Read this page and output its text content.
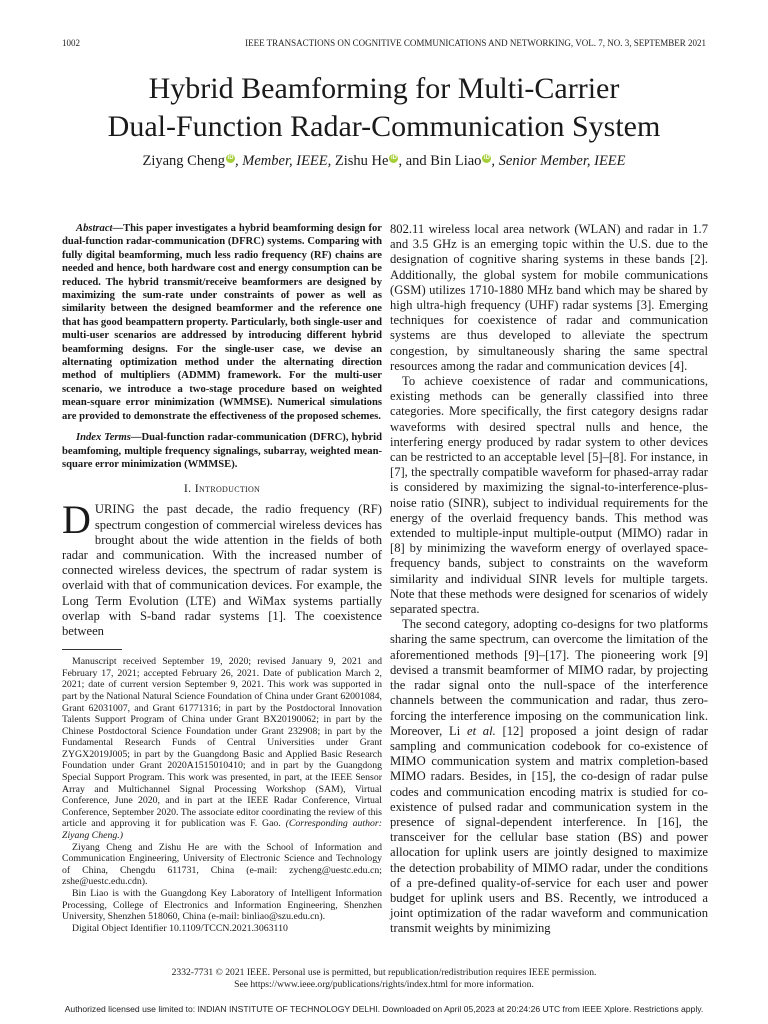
1002	IEEE TRANSACTIONS ON COGNITIVE COMMUNICATIONS AND NETWORKING, VOL. 7, NO. 3, SEPTEMBER 2021
Hybrid Beamforming for Multi-Carrier
Dual-Function Radar-Communication System
Ziyang Cheng iD , Member, IEEE, Zishu He iD , and Bin Liao iD , Senior Member, IEEE

Abstract—This paper investigates a hybrid beamforming design for dual-function radar-communication (DFRC) systems. Comparing with fully digital beamforming, much less radio frequency (RF) chains are needed and hence, both hardware cost and energy consumption can be reduced. The hybrid transmit/receive beamformers are designed by maximizing the sum-rate under constraints of power as well as similarity between the designed beamformer and the reference one that has good beampattern property. Particularly, both single-user and multi-user scenarios are addressed by introducing different hybrid beamforming designs. For the single-user case, we devise an alternating optimization method under the alternating direction method of multipliers (ADMM) framework. For the multi-user scenario, we introduce a two-stage procedure based on weighted mean-square error minimization (WMMSE). Numerical simulations are provided to demonstrate the effectiveness of the proposed schemes.

Index Terms—Dual-function radar-communication (DFRC), hybrid beamfoming, multiple frequency signalings, subarray, weighted mean-square error minimization (WMMSE).

I. Introduction

DURING the past decade, the radio frequency (RF) spectrum congestion of commercial wireless devices has brought about the wide attention in the fields of both radar and communication. With the increased number of connected wireless devices, the spectrum of radar system is overlaid with that of communication devices. For example, the Long Term Evolution (LTE) and WiMax systems partially overlap with S-band radar systems [1]. The coexistence between

Manuscript received September 19, 2020; revised January 9, 2021 and February 17, 2021; accepted February 26, 2021. Date of publication March 2, 2021; date of current version September 9, 2021. This work was supported in part by the National Natural Science Foundation of China under Grant 62001084, Grant 62031007, and Grant 61771316; in part by the Postdoctoral Innovation Talents Support Program of China under Grant BX20190062; in part by the Chinese Postdoctoral Science Foundation under Grant 232908; in part by the Fundamental Research Funds of Central Universities under Grant ZYGX2019J005; in part by the Guangdong Basic and Applied Basic Research Foundation under Grant 2020A1515010410; and in part by the Guangdong Special Support Program. This work was presented, in part, at the IEEE Sensor Array and Multichannel Signal Processing Workshop (SAM), Virtual Conference, June 2020, and in part at the IEEE Radar Conference, Virtual Conference, September 2020. The associate editor coordinating the review of this article and approving it for publication was F. Gao. (Corresponding author: Ziyang Cheng.)

Ziyang Cheng and Zishu He are with the School of Information and Communication Engineering, University of Electronic Science and Technology of China, Chengdu 611731, China (e-mail: zycheng@uestc.edu.cn; zshe@uestc.edu.cdn).

Bin Liao is with the Guangdong Key Laboratory of Intelligent Information Processing, College of Electronics and Information Engineering, Shenzhen University, Shenzhen 518060, China (e-mail: binliao@szu.edu.cn).

Digital Object Identifier 10.1109/TCCN.2021.3063110

802.11 wireless local area network (WLAN) and radar in 1.7 and 3.5 GHz is an emerging topic within the U.S. due to the designation of cognitive sharing systems in these bands [2]. Additionally, the global system for mobile communications (GSM) utilizes 1710-1880 MHz band which may be shared by high ultra-high frequency (UHF) radar systems [3]. Emerging techniques for coexistence of radar and communication systems are thus developed to alleviate the spectrum congestion, by simultaneously sharing the same spectral resources among the radar and communication devices [4].

To achieve coexistence of radar and communications, existing methods can be generally classified into three categories. More specifically, the first category designs radar waveforms with desired spectral nulls and hence, the interfering energy produced by radar system to other devices can be restricted to an acceptable level [5]–[8]. For instance, in [7], the spectrally compatible waveform for phased-array radar is considered by maximizing the signal-to-interference-plus-noise ratio (SINR), subject to individual requirements for the energy of the overlaid frequency bands. This method was extended to multiple-input multiple-output (MIMO) radar in [8] by minimizing the waveform energy of overlayed space-frequency bands, subject to constraints on the waveform similarity and individual SINR levels for multiple targets. Note that these methods were designed for scenarios of widely separated spectra.

The second category, adopting co-designs for two platforms sharing the same spectrum, can overcome the limitation of the aforementioned methods [9]–[17]. The pioneering work [9] devised a transmit beamformer of MIMO radar, by projecting the radar signal onto the null-space of the interference channels between the communication and radar, thus zero-forcing the interference imposing on the communication link. Moreover, Li et al. [12] proposed a joint design of radar sampling and communication codebook for co-existence of MIMO communication system and matrix completion-based MIMO radars. Besides, in [15], the co-design of radar pulse codes and communication encoding matrix is studied for co-existence of pulsed radar and communication system in the presence of signal-dependent interference. In [16], the transceiver for the cellular base station (BS) and power allocation for uplink users are jointly designed to maximize the detection probability of MIMO radar, under the conditions of a pre-defined quality-of-service for each user and power budget for uplink users and BS. Recently, we introduced a joint optimization of the radar waveform and communication transmit weights by minimizing

2332-7731 © 2021 IEEE. Personal use is permitted, but republication/redistribution requires IEEE permission.
See https://www.ieee.org/publications/rights/index.html for more information.
Authorized licensed use limited to: INDIAN INSTITUTE OF TECHNOLOGY DELHI. Downloaded on April 05,2023 at 20:24:26 UTC from IEEE Xplore. Restrictions apply.
